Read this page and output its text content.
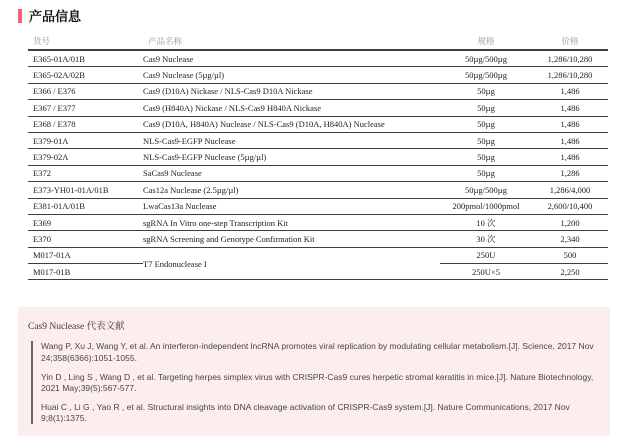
产品信息
货号	产品名称	规格	价格
E365-01A/01B	Cas9 Nuclease	50µg/500µg	1,286/10,280
E365-02A/02B	Cas9 Nuclease (5µg/µl)	50µg/500µg	1,286/10,280
E366 / E376	Cas9 (D10A) Nickase / NLS-Cas9 D10A Nickase	50µg	1,486
E367 / E377	Cas9 (H840A) Nickase / NLS-Cas9 H840A Nickase	50µg	1,486
E368 / E378	Cas9 (D10A, H840A) Nuclease / NLS-Cas9 (D10A, H840A) Nuclease	50µg	1,486
E379-01A	NLS-Cas9-EGFP Nuclease	50µg	1,486
E379-02A	NLS-Cas9-EGFP Nuclease (5µg/µl)	50µg	1,486
E372	SaCas9 Nuclease	50µg	1,286
E373-YH01-01A/01B	Cas12a Nuclease (2.5µg/µl)	50µg/500µg	1,286/4,000
E381-01A/01B	LwaCas13a Nuclease	200pmol/1000pmol	2,600/10,400
E369	sgRNA In Vitro one-step Transcription Kit	10 次	1,200
E370	sgRNA Screening and Genotype Confirmation Kit	30 次	2,340
M017-01A	T7 Endonuclease I	250U	500
M017-01B		250U×5	2,250
Cas9 Nuclease 代表文献

Wang P, Xu J, Wang Y, et al. An interferon-independent lncRNA promotes viral replication by modulating cellular metabolism.[J]. Science, 2017 Nov 24;358(6366):1051-1055.

Yin D , Ling S , Wang D , et al. Targeting herpes simplex virus with CRISPR-Cas9 cures herpetic stromal keratitis in mice.[J]. Nature Biotechnology, 2021 May;39(5):567-577.

Huai C , Li G , Yao R , et al. Structural insights into DNA cleavage activation of CRISPR-Cas9 system.[J]. Nature Communications, 2017 Nov 9;8(1):1375.
